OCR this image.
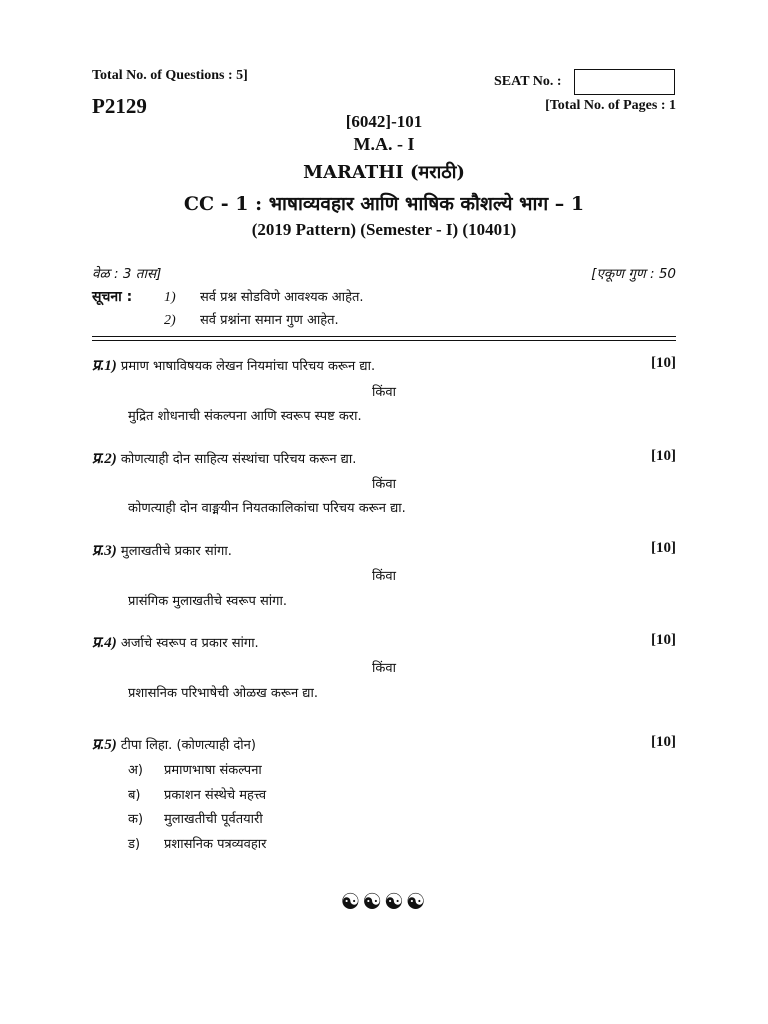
Total No. of Questions : 5]
P2129
SEAT No. :
[Total No. of Pages : 1
[6042]-101
M.A. - I
MARATHI (मराठी)
CC - 1 : भाषाव्यवहार आणि भाषिक कौशल्ये भाग – 1
(2019 Pattern) (Semester - I) (10401)
वेळ : 3 तास]	[एकूण गुण : 50
सूचना : 1) सर्व प्रश्न सोडविणे आवश्यक आहेत.
2) सर्व प्रश्नांना समान गुण आहेत.
प्र.1) प्रमाण भाषाविषयक लेखन नियमांचा परिचय करून द्या.	[10]
किंवा
मुद्रित शोधनाची संकल्पना आणि स्वरूप स्पष्ट करा.
प्र.2) कोणत्याही दोन साहित्य संस्थांचा परिचय करून द्या.	[10]
किंवा
कोणत्याही दोन वाङ्मयीन नियतकालिकांचा परिचय करून द्या.
प्र.3) मुलाखतीचे प्रकार सांगा.	[10]
किंवा
प्रासंगिक मुलाखतीचे स्वरूप सांगा.
प्र.4) अर्जाचे स्वरूप व प्रकार सांगा.	[10]
किंवा
प्रशासनिक परिभाषेची ओळख करून द्या.
प्र.5) टीपा लिहा. (कोणत्याही दोन)	[10]
अ) प्रमाणभाषा संकल्पना
ब) प्रकाशन संस्थेचे महत्त्व
क) मुलाखतीची पूर्वतयारी
ड) प्रशासनिक पत्रव्यवहार
☯☯☯☯
